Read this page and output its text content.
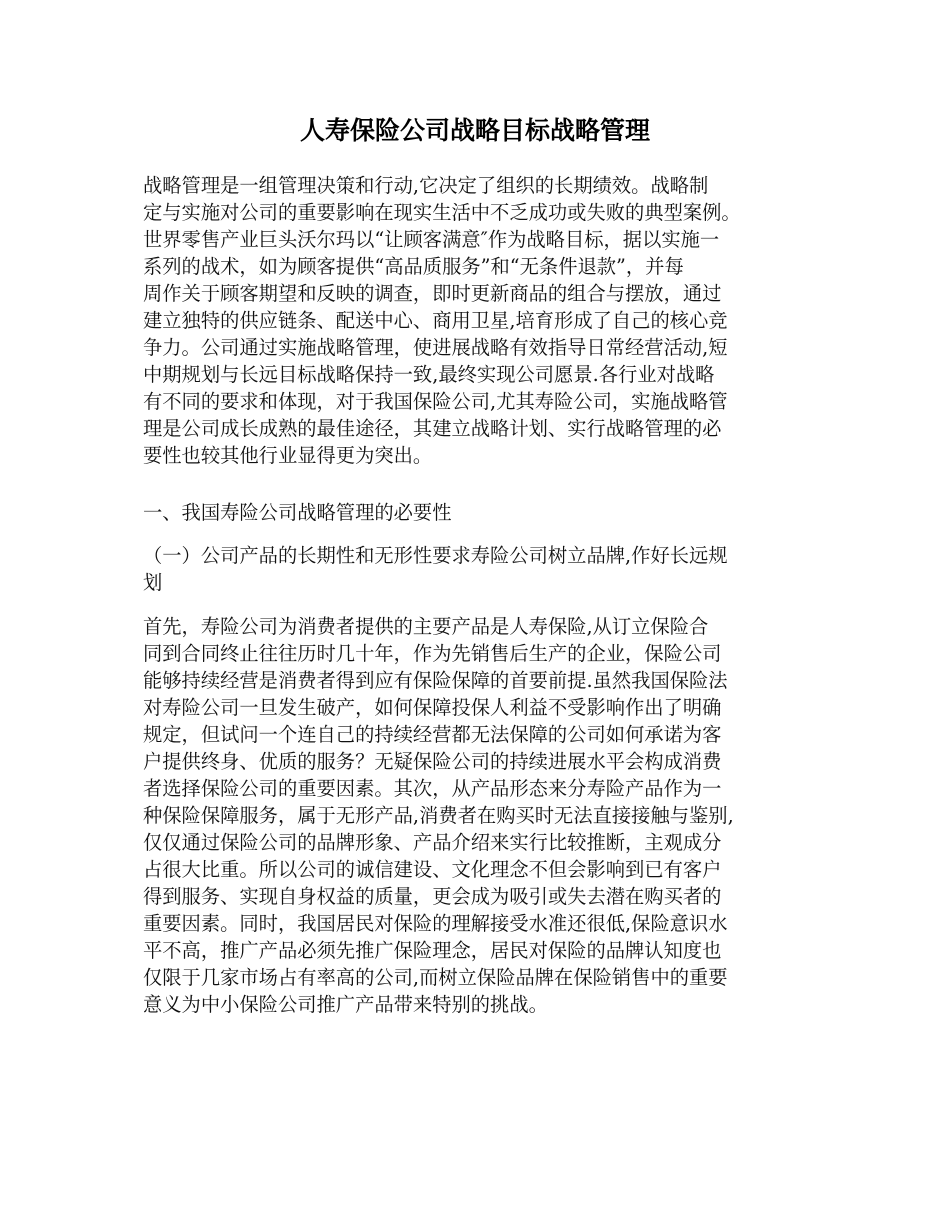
人寿保险公司战略目标战略管理
战略管理是一组管理决策和行动,它决定了组织的长期绩效。战略制
定与实施对公司的重要影响在现实生活中不乏成功或失败的典型案例。
世界零售产业巨头沃尔玛以“让顾客满意″作为战略目标，据以实施一
系列的战术，如为顾客提供“高品质服务”和“无条件退款”，并每
周作关于顾客期望和反映的调查，即时更新商品的组合与摆放，通过
建立独特的供应链条、配送中心、商用卫星,培育形成了自己的核心竞
争力。公司通过实施战略管理，使进展战略有效指导日常经营活动,短
中期规划与长远目标战略保持一致,最终实现公司愿景.各行业对战略
有不同的要求和体现，对于我国保险公司,尤其寿险公司，实施战略管
理是公司成长成熟的最佳途径，其建立战略计划、实行战略管理的必
要性也较其他行业显得更为突出。
一、我国寿险公司战略管理的必要性
（一）公司产品的长期性和无形性要求寿险公司树立品牌,作好长远规
划
首先，寿险公司为消费者提供的主要产品是人寿保险,从订立保险合
同到合同终止往往历时几十年，作为先销售后生产的企业，保险公司
能够持续经营是消费者得到应有保险保障的首要前提.虽然我国保险法
对寿险公司一旦发生破产，如何保障投保人利益不受影响作出了明确
规定，但试问一个连自己的持续经营都无法保障的公司如何承诺为客
户提供终身、优质的服务？无疑保险公司的持续进展水平会构成消费
者选择保险公司的重要因素。其次，从产品形态来分寿险产品作为一
种保险保障服务，属于无形产品,消费者在购买时无法直接接触与鉴别,
仅仅通过保险公司的品牌形象、产品介绍来实行比较推断，主观成分
占很大比重。所以公司的诚信建设、文化理念不但会影响到已有客户
得到服务、实现自身权益的质量，更会成为吸引或失去潜在购买者的
重要因素。同时，我国居民对保险的理解接受水准还很低,保险意识水
平不高，推广产品必须先推广保险理念，居民对保险的品牌认知度也
仅限于几家市场占有率高的公司,而树立保险品牌在保险销售中的重要
意义为中小保险公司推广产品带来特别的挑战。
